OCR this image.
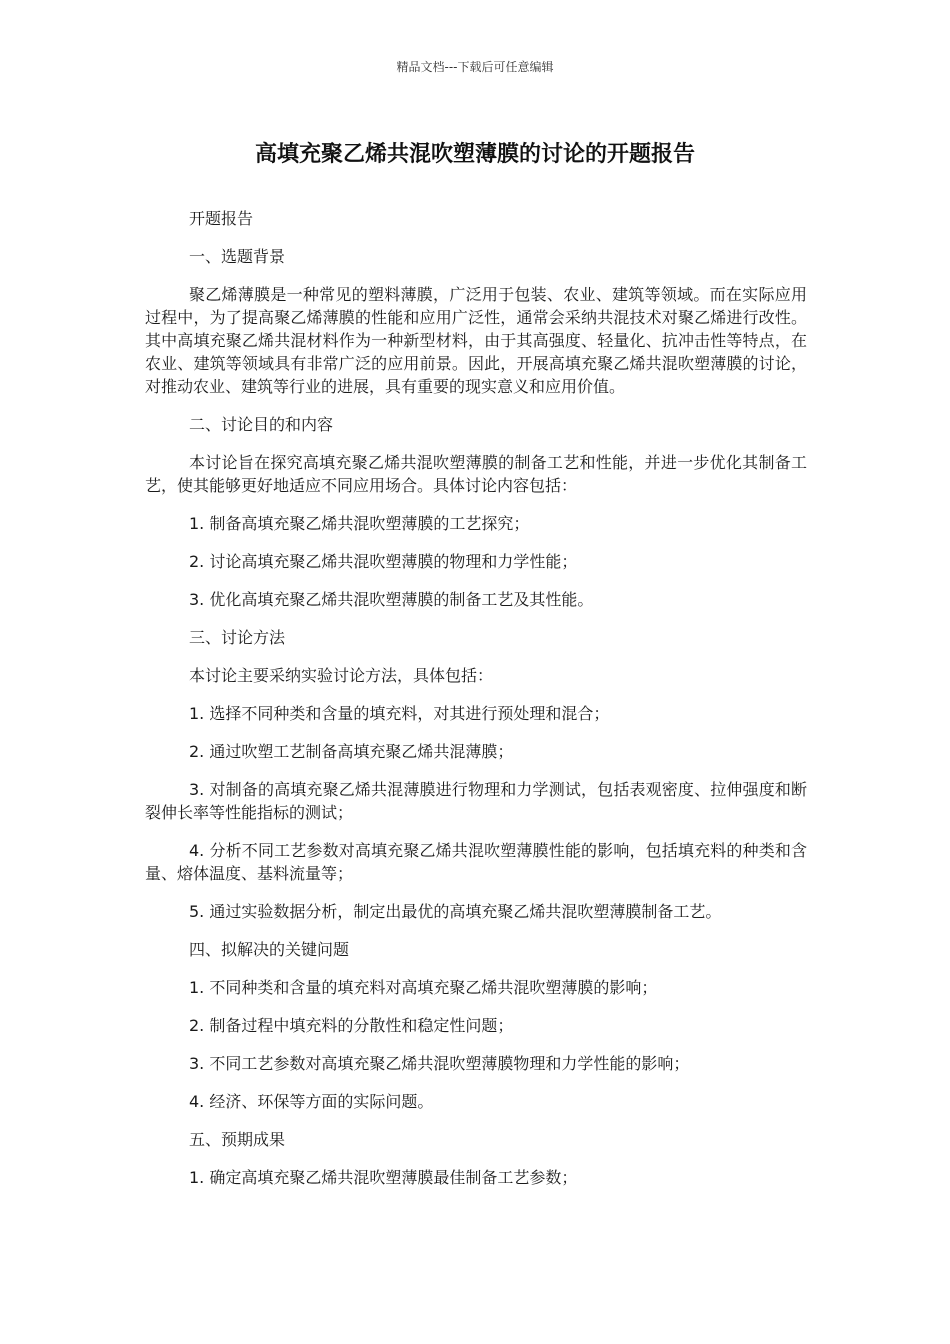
精品文档---下载后可任意编辑
高填充聚乙烯共混吹塑薄膜的讨论的开题报告

开题报告

一、选题背景

聚乙烯薄膜是一种常见的塑料薄膜，广泛用于包装、农业、建筑等领域。而在实际应用过程中，为了提高聚乙烯薄膜的性能和应用广泛性，通常会采纳共混技术对聚乙烯进行改性。其中高填充聚乙烯共混材料作为一种新型材料，由于其高强度、轻量化、抗冲击性等特点，在农业、建筑等领域具有非常广泛的应用前景。因此，开展高填充聚乙烯共混吹塑薄膜的讨论，对推动农业、建筑等行业的进展，具有重要的现实意义和应用价值。

二、讨论目的和内容

本讨论旨在探究高填充聚乙烯共混吹塑薄膜的制备工艺和性能，并进一步优化其制备工艺，使其能够更好地适应不同应用场合。具体讨论内容包括：

1. 制备高填充聚乙烯共混吹塑薄膜的工艺探究；

2. 讨论高填充聚乙烯共混吹塑薄膜的物理和力学性能；

3. 优化高填充聚乙烯共混吹塑薄膜的制备工艺及其性能。

三、讨论方法

本讨论主要采纳实验讨论方法，具体包括：

1. 选择不同种类和含量的填充料，对其进行预处理和混合；

2. 通过吹塑工艺制备高填充聚乙烯共混薄膜；

3. 对制备的高填充聚乙烯共混薄膜进行物理和力学测试，包括表观密度、拉伸强度和断裂伸长率等性能指标的测试；

4. 分析不同工艺参数对高填充聚乙烯共混吹塑薄膜性能的影响，包括填充料的种类和含量、熔体温度、基料流量等；

5. 通过实验数据分析，制定出最优的高填充聚乙烯共混吹塑薄膜制备工艺。

四、拟解决的关键问题

1. 不同种类和含量的填充料对高填充聚乙烯共混吹塑薄膜的影响；

2. 制备过程中填充料的分散性和稳定性问题；

3. 不同工艺参数对高填充聚乙烯共混吹塑薄膜物理和力学性能的影响；

4. 经济、环保等方面的实际问题。

五、预期成果

1. 确定高填充聚乙烯共混吹塑薄膜最佳制备工艺参数；
